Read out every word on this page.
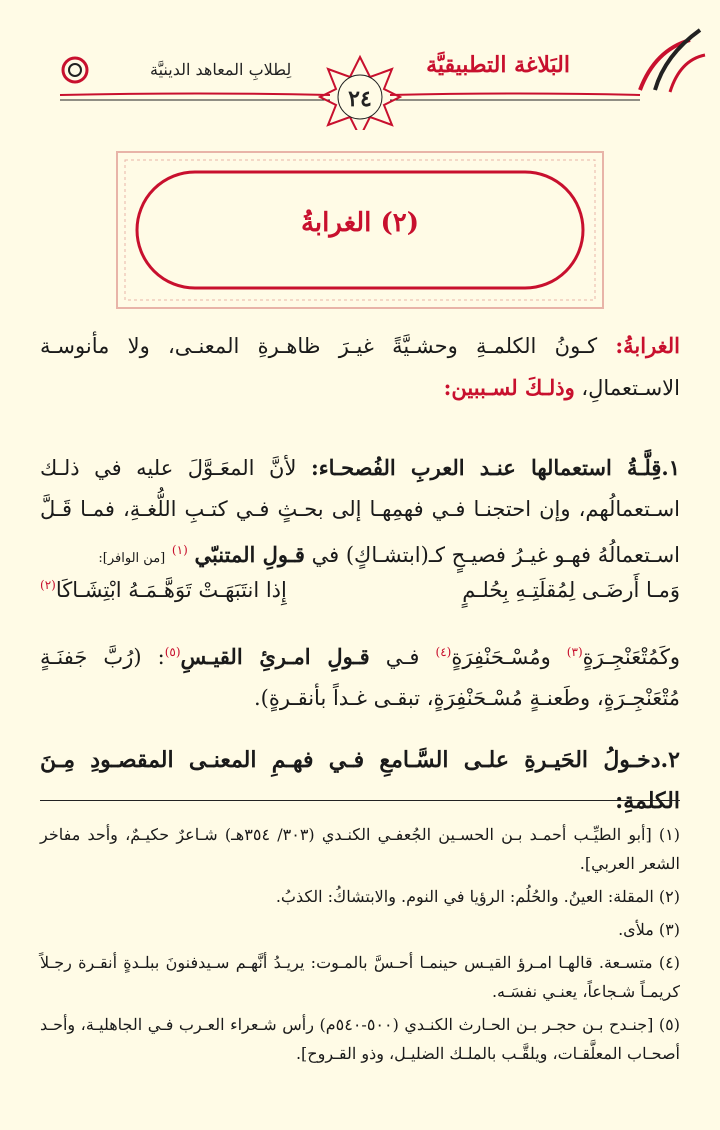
البَلاغة التطبيقيَّة
لِطلابِ المعاهد الدينيَّة
٢٤
(٢) الغرابةُ
الغرابةُ: كـونُ الكلمـةِ وحشـيَّةً غيـرَ ظاهـرةِ المعنـى، ولا مأنوسـة الاسـتعمالِ، وذلـكَ لسـببين:
١.قِلَّـةُ استعمالها عنـد العربِ الفُصحـاء: لأنَّ المعَـوَّلَ عليه في ذلـك اسـتعمالُهم، وإن احتجنـا فـي فهمِهـا إلى بحـثٍ فـي كتـبِ اللُّغـةِ، فمـا قَـلَّ اسـتعمالُهُ فهـو غيـرُ فصيـحٍ كـ(ابتشـاكٍ) في قـولِ المتنبّي $^{(١)}$ [من الوافر]:
وَمـا أَرضَـى لِمُقلَتِـهِ بِحُلـمٍ
إِذا انتَبَهَـتْ تَوَهَّـمَـهُ ابْتِشَـاكَا$^{(٢)}$
وكَمُتْعَنْجِـرَةٍ$^{(٣)}$ ومُسْـحَنْفِرَةٍ$^{(٤)}$ فـي قـولِ امـرئِ القيـسِ$^{(٥)}$: (رُبَّ جَفنَـةٍ مُتْعَنْجِـرَةٍ، وطَعنـةٍ مُسْـحَنْفِرَةٍ، تبقـى غـداً بأنقـرةٍ).
٢.دخـولُ الحَيـرةِ علـى السَّـامعِ فـي فهـمِ المعنـى المقصـودِ مِـنَ الكلمةِ:
(١) [أبو الطيِّـب أحمـد بـن الحسـين الجُعفـي الكنـدي (٣٠٣/ ٣٥٤هـ) شـاعرٌ حكيـمٌ، وأحد مفاخر الشعر العربي].
(٢) المقلة: العينُ. والحُلُم: الرؤيا في النوم. والابتشاكُ: الكذبُ.
(٣) ملأى.
(٤) متسـعة. قالهـا امـرؤ القيـس حينمـا أحـسَّ بالمـوت: يريـدُ أنَّهـم سـيدفنونَ ببلـدةٍ أنقـرة رجـلاً كريمـاً شـجاعاً، يعنـي نفسَـه.
(٥) [جنـدح بـن حجـر بـن الحـارث الكنـدي (٥٠٠-٥٤٠م) رأس شـعراء العـرب فـي الجاهليـة، وأحـد أصحـاب المعلَّقـات، ويلقَّـب بالملـك الضليـل، وذو القـروح].
